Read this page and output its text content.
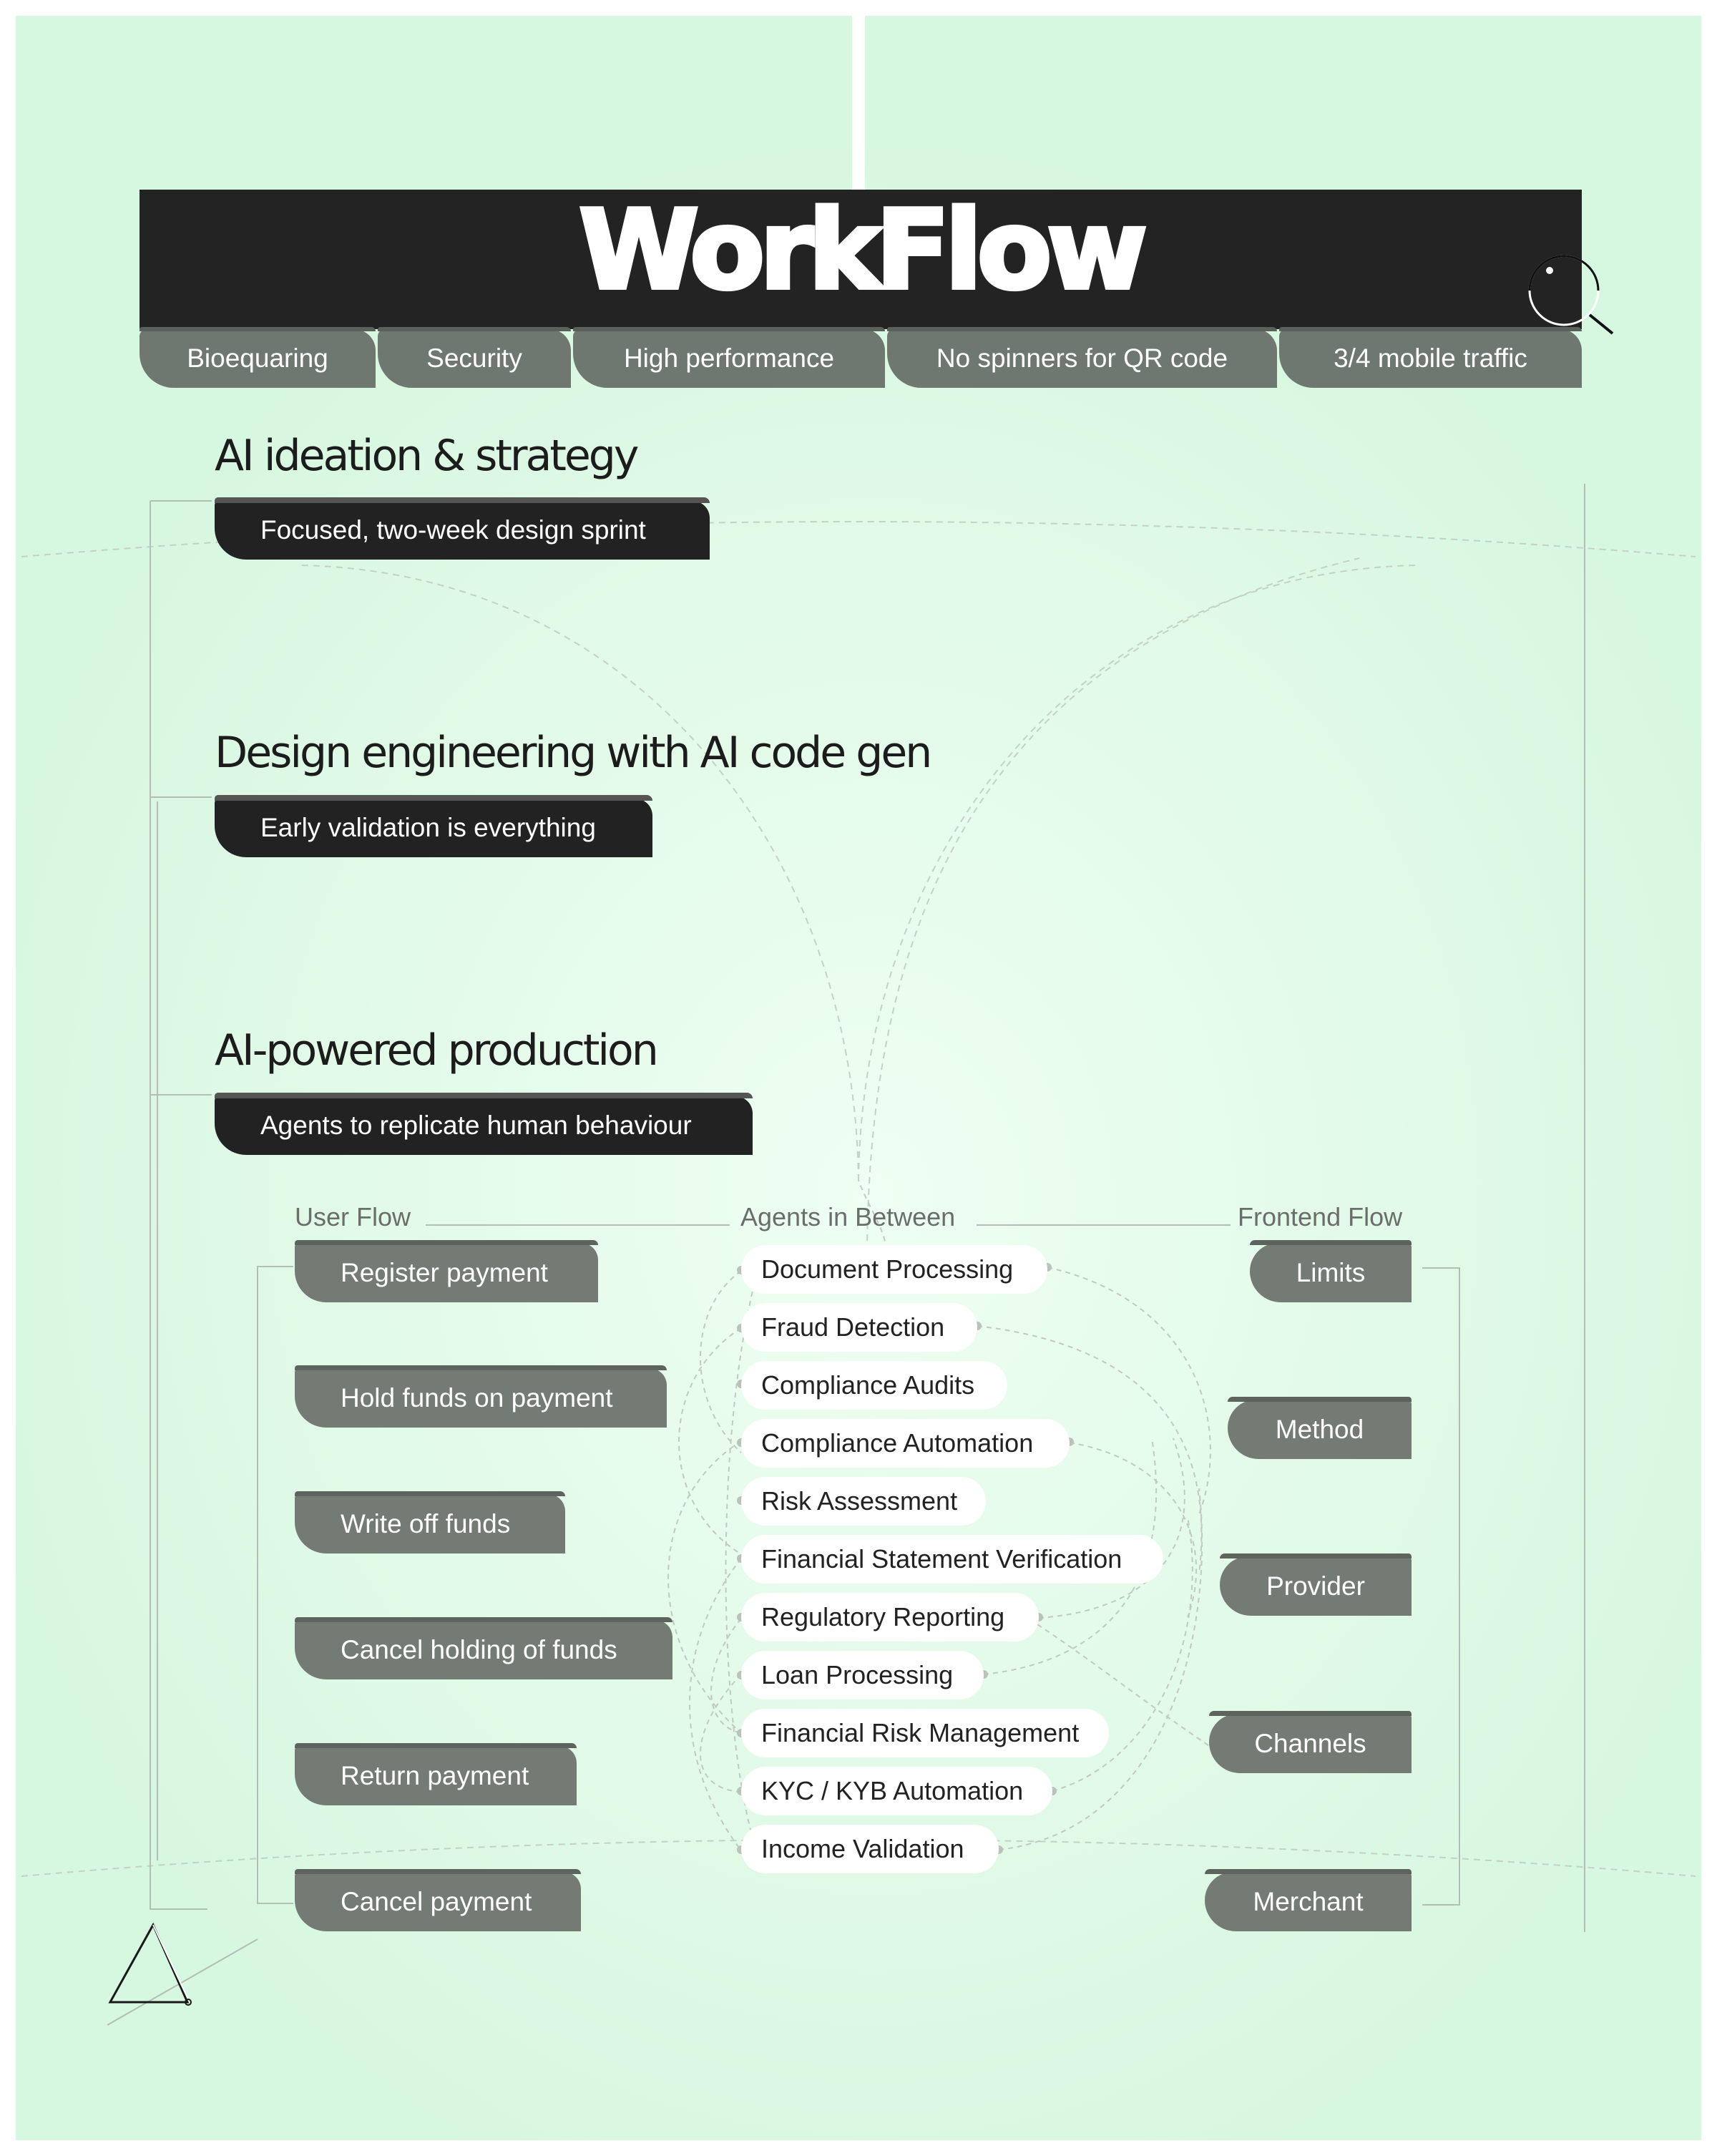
WorkFlow
Bioequaring	Security	High performance	No spinners for QR code	3/4 mobile traffic
AI ideation & strategy
Focused, two-week design sprint
Design engineering with AI code gen
Early validation is everything
AI-powered production
Agents to replicate human behaviour
User Flow	Agents in Between	Frontend Flow
Register payment
Hold funds on payment
Write off funds
Cancel holding of funds
Return payment
Cancel payment
Document Processing
Fraud Detection
Compliance Audits
Compliance Automation
Risk Assessment
Financial Statement Verification
Regulatory Reporting
Loan Processing
Financial Risk Management
KYC / KYB Automation
Income Validation
Limits
Method
Provider
Channels
Merchant
